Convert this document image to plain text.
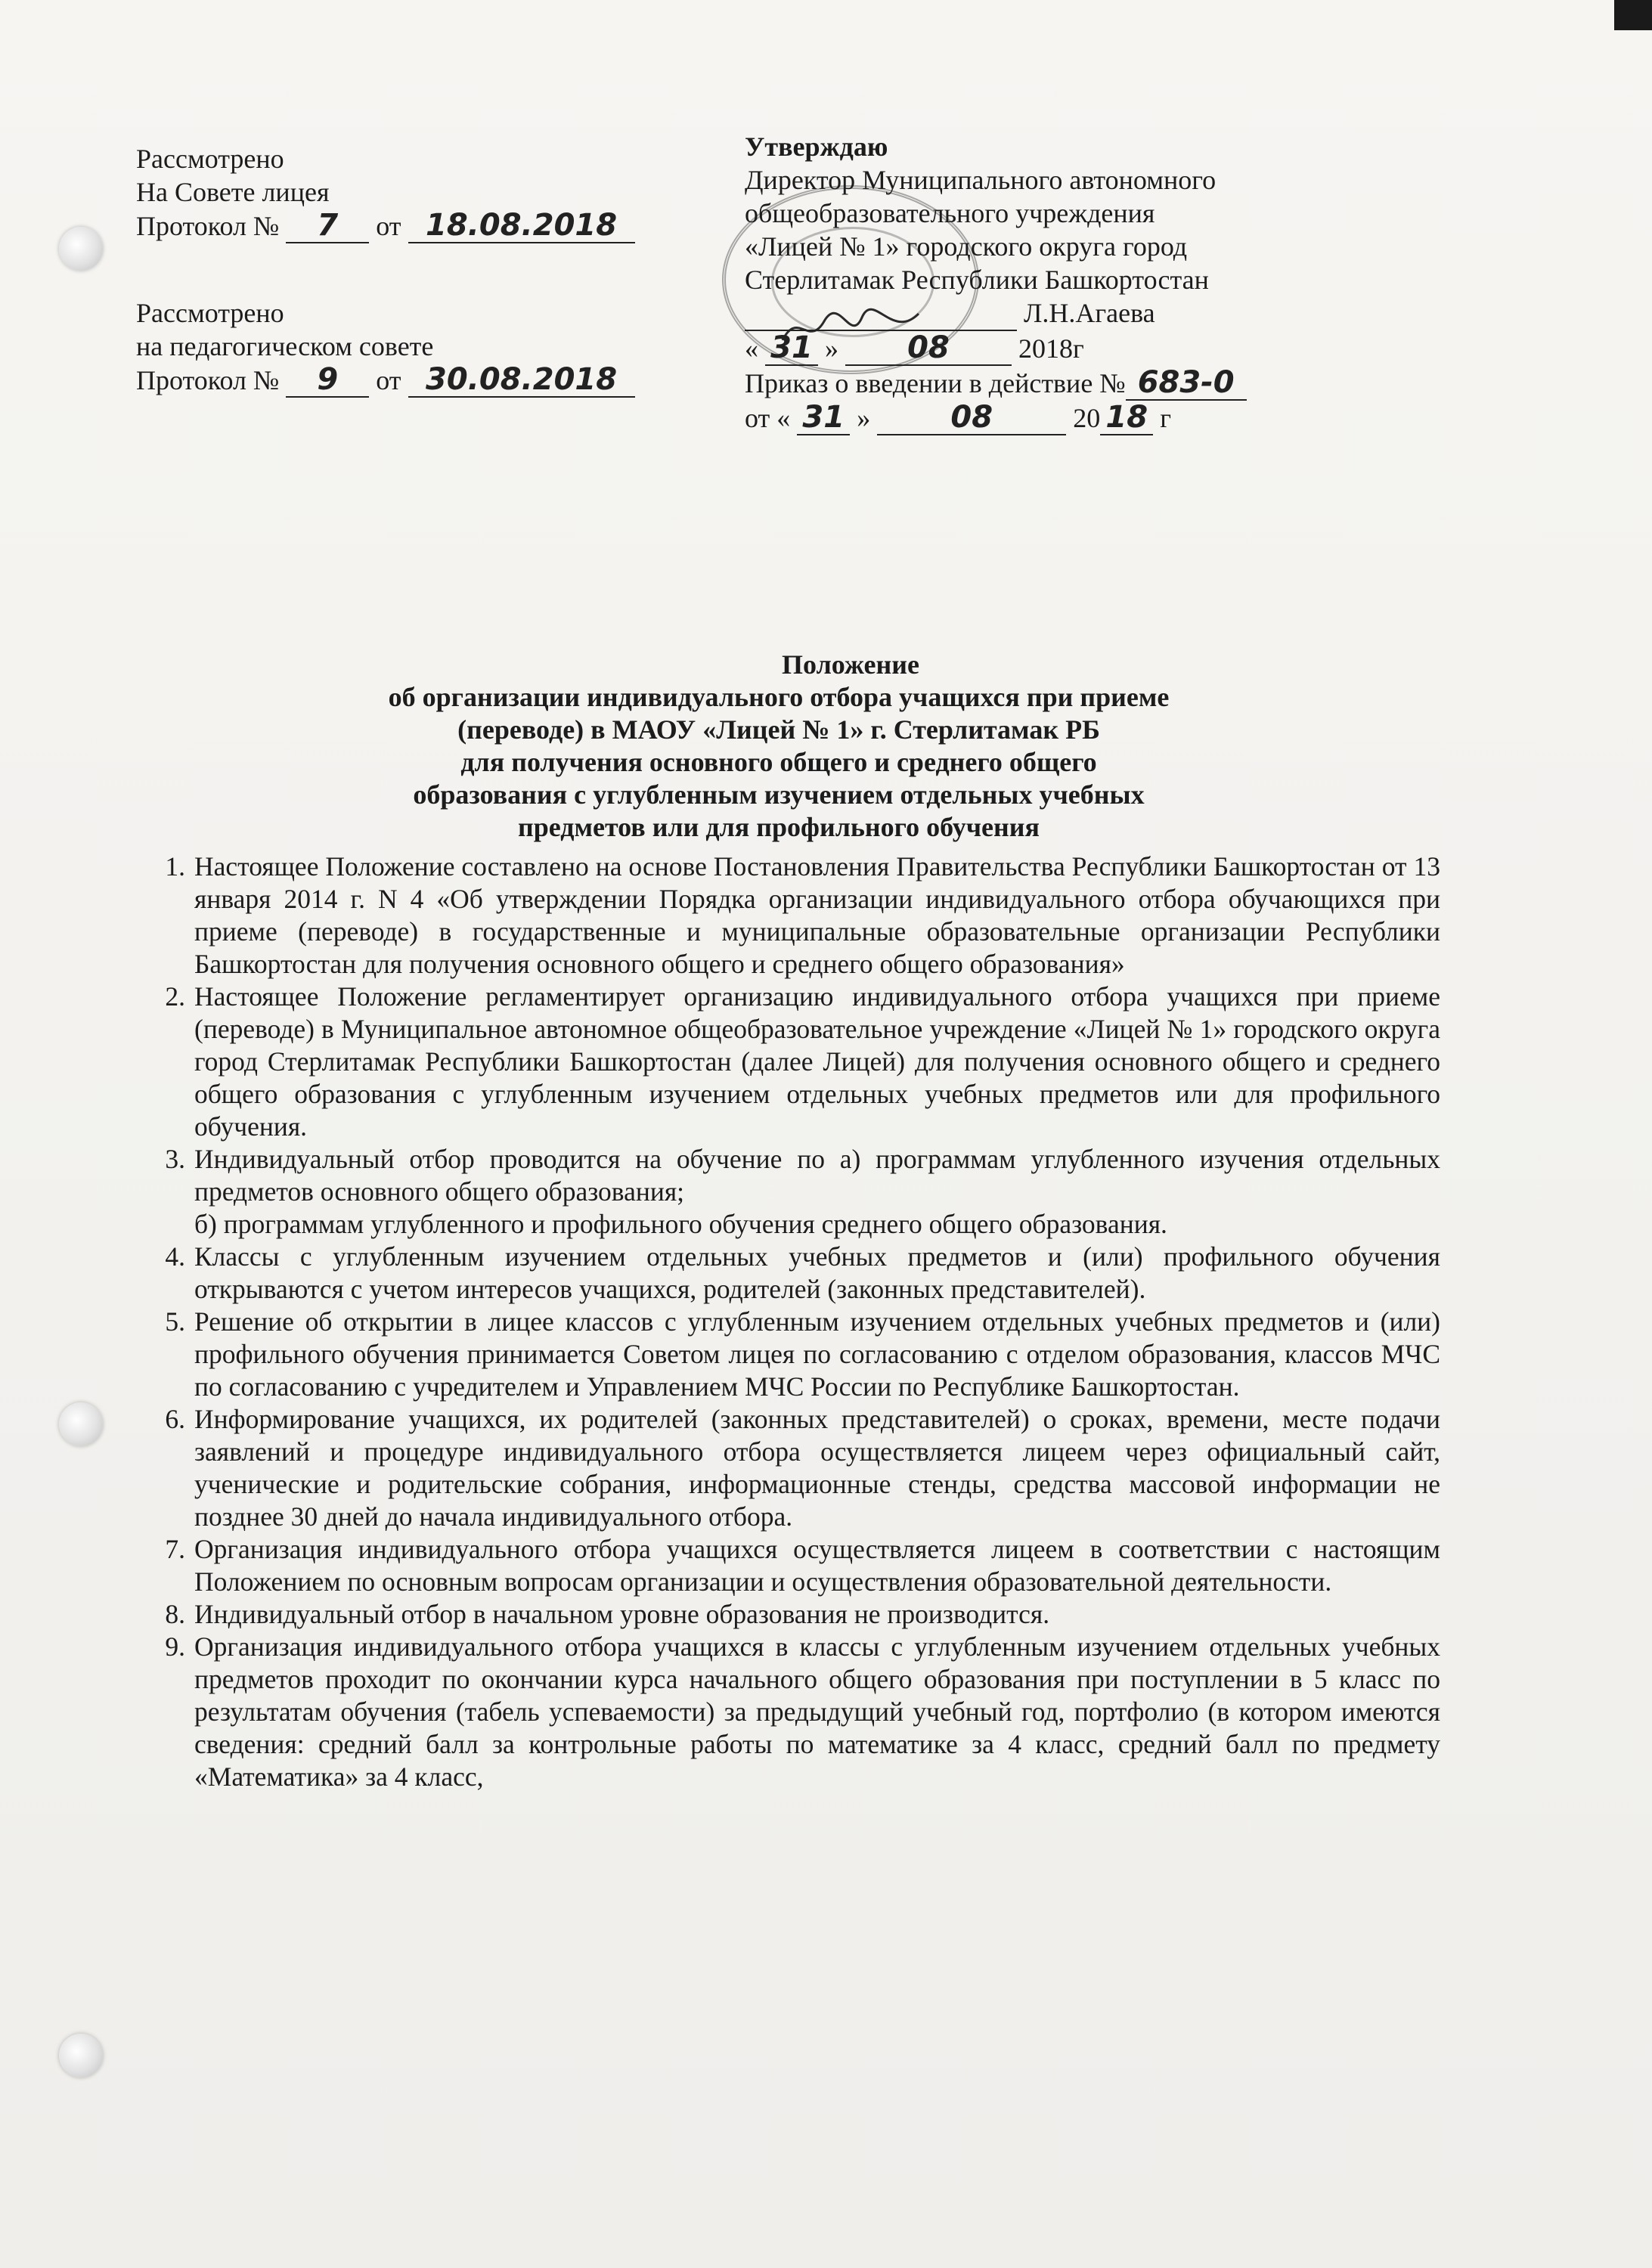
Рассмотрено
На Совете лицея
Протокол № 7 от 18.08.2018
Рассмотрено
на педагогическом совете
Протокол № 9 от 30.08.2018
Утверждаю
Директор Муниципального автономного
общеобразовательного учреждения
«Лицей № 1» городского округа город
Стерлитамак Республики Башкортостан
Л.Н.Агаева
« 31 » 08	2018г
Приказ о введении в действие № 683-0
от « 31 »	08	20 18 г
Положение
об организации индивидуального отбора учащихся при приеме
(переводе) в МАОУ «Лицей № 1» г. Стерлитамак РБ
для получения основного общего и среднего общего
образования с углубленным изучением отдельных учебных
предметов или для профильного обучения

1. Настоящее Положение составлено на основе Постановления Правительства Республики Башкортостан от 13 января 2014 г. N 4 «Об утверждении Порядка организации индивидуального отбора обучающихся при приеме (переводе) в государственные и муниципальные образовательные организации Республики Башкортостан для получения основного общего и среднего общего образования»

2. Настоящее Положение регламентирует организацию индивидуального отбора учащихся при приеме (переводе) в Муниципальное автономное общеобразовательное учреждение «Лицей № 1» городского округа город Стерлитамак Республики Башкортостан (далее Лицей) для получения основного общего и среднего общего образования с углубленным изучением отдельных учебных предметов или для профильного обучения.

3. Индивидуальный отбор проводится на обучение по а) программам углубленного изучения отдельных предметов основного общего образования;
б) программам углубленного и профильного обучения среднего общего образования.

4. Классы с углубленным изучением отдельных учебных предметов и (или) профильного обучения открываются с учетом интересов учащихся, родителей (законных представителей).

5. Решение об открытии в лицее классов с углубленным изучением отдельных учебных предметов и (или) профильного обучения принимается Советом лицея по согласованию с отделом образования, классов МЧС по согласованию с учредителем и Управлением МЧС России по Республике Башкортостан.

6. Информирование учащихся, их родителей (законных представителей) о сроках, времени, месте подачи заявлений и процедуре индивидуального отбора осуществляется лицеем через официальный сайт, ученические и родительские собрания, информационные стенды, средства массовой информации не позднее 30 дней до начала индивидуального отбора.

7. Организация индивидуального отбора учащихся осуществляется лицеем в соответствии с настоящим Положением по основным вопросам организации и осуществления образовательной деятельности.

8. Индивидуальный отбор в начальном уровне образования не производится.

9. Организация индивидуального отбора учащихся в классы с углубленным изучением отдельных учебных предметов проходит по окончании курса начального общего образования при поступлении в 5 класс по результатам обучения (табель успеваемости) за предыдущий учебный год, портфолио (в котором имеются сведения: средний балл за контрольные работы по математике за 4 класс, средний балл по предмету «Математика» за 4 класс,
